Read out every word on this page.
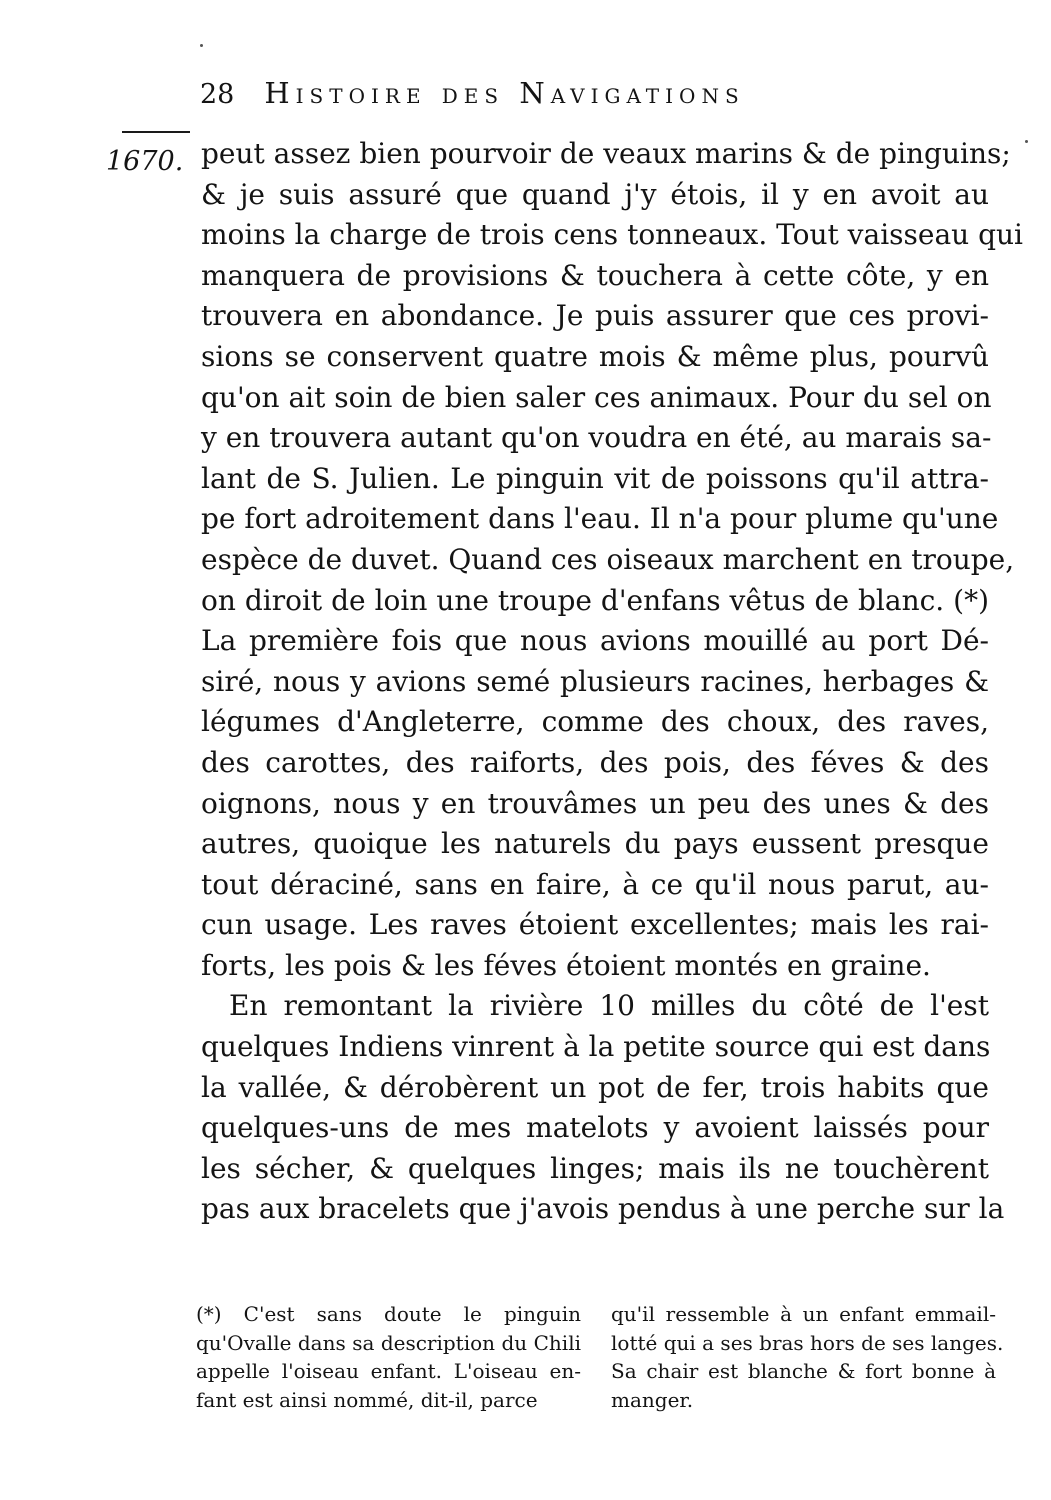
28 Histoire des Navigations
1670. peut assez bien pourvoir de veaux marins & de pinguins;
& je suis assuré que quand j'y étois, il y en avoit au
moins la charge de trois cens tonneaux. Tout vaisseau qui
manquera de provisions & touchera à cette côte, y en
trouvera en abondance. Je puis assurer que ces provi-
sions se conservent quatre mois & même plus, pourvû
qu'on ait soin de bien saler ces animaux. Pour du sel on
y en trouvera autant qu'on voudra en été, au marais sa-
lant de S. Julien. Le pinguin vit de poissons qu'il attra-
pe fort adroitement dans l'eau. Il n'a pour plume qu'une
espèce de duvet. Quand ces oiseaux marchent en troupe,
on diroit de loin une troupe d'enfans vêtus de blanc. (*)
La première fois que nous avions mouillé au port Dé-
siré, nous y avions semé plusieurs racines, herbages &
légumes d'Angleterre, comme des choux, des raves,
des carottes, des raiforts, des pois, des féves & des
oignons, nous y en trouvâmes un peu des unes & des
autres, quoique les naturels du pays eussent presque
tout déraciné, sans en faire, à ce qu'il nous parut, au-
cun usage. Les raves étoient excellentes; mais les rai-
forts, les pois & les féves étoient montés en graine.
En remontant la rivière 10 milles du côté de l'est
quelques Indiens vinrent à la petite source qui est dans
la vallée, & dérobèrent un pot de fer, trois habits que
quelques-uns de mes matelots y avoient laissés pour
les sécher, & quelques linges; mais ils ne touchèrent
pas aux bracelets que j'avois pendus à une perche sur la
(*) C'est sans doute le pinguin
qu'Ovalle dans sa description du Chili
appelle l'oiseau enfant. L'oiseau en-
fant est ainsi nommé, dit-il, parce
qu'il ressemble à un enfant emmail-
lotté qui a ses bras hors de ses langes.
Sa chair est blanche & fort bonne à
manger.
